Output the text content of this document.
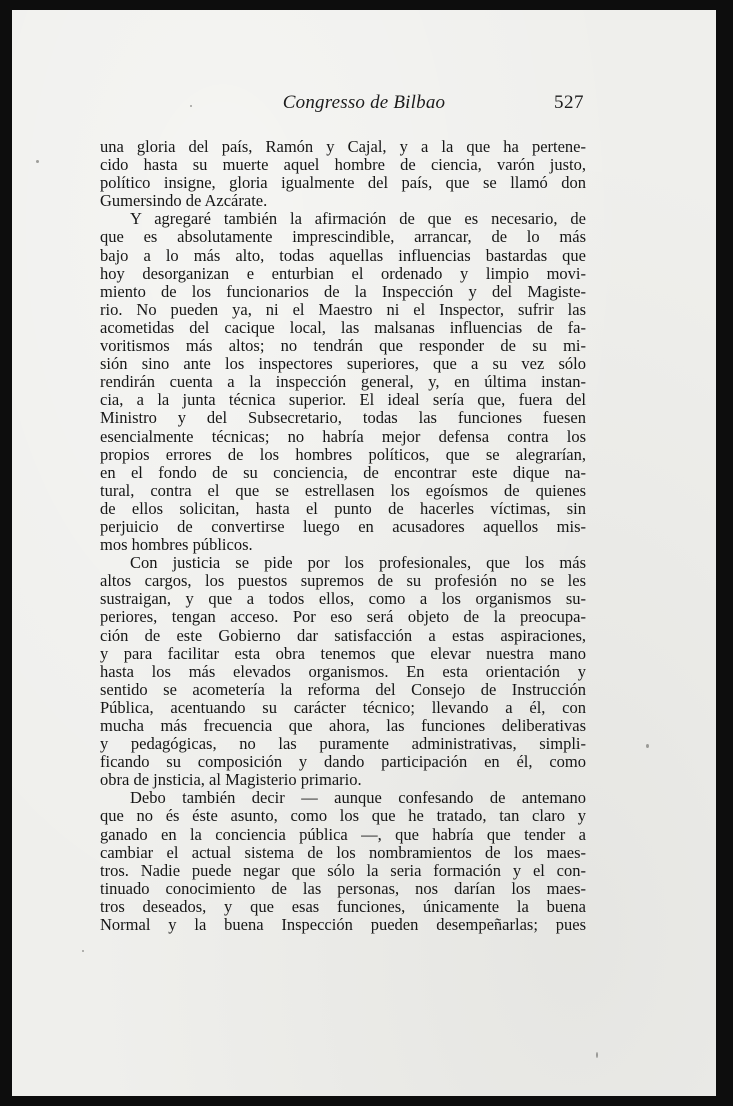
Congresso de Bilbao	527
una gloria del país, Ramón y Cajal, y a la que ha pertene-
cido hasta su muerte aquel hombre de ciencia, varón justo,
político insigne, gloria igualmente del país, que se llamó don
Gumersindo de Azcárate.
Y agregaré también la afirmación de que es necesario, de
que es absolutamente imprescindible, arrancar, de lo más
bajo a lo más alto, todas aquellas influencias bastardas que
hoy desorganizan e enturbian el ordenado y limpio movi-
miento de los funcionarios de la Inspección y del Magiste-
rio. No pueden ya, ni el Maestro ni el Inspector, sufrir las
acometidas del cacique local, las malsanas influencias de fa-
voritismos más altos; no tendrán que responder de su mi-
sión sino ante los inspectores superiores, que a su vez sólo
rendirán cuenta a la inspección general, y, en última instan-
cia, a la junta técnica superior. El ideal sería que, fuera del
Ministro y del Subsecretario, todas las funciones fuesen
esencialmente técnicas; no habría mejor defensa contra los
propios errores de los hombres políticos, que se alegrarían,
en el fondo de su conciencia, de encontrar este dique na-
tural, contra el que se estrellasen los egoísmos de quienes
de ellos solicitan, hasta el punto de hacerles víctimas, sin
perjuicio de convertirse luego en acusadores aquellos mis-
mos hombres públicos.
Con justicia se pide por los profesionales, que los más
altos cargos, los puestos supremos de su profesión no se les
sustraigan, y que a todos ellos, como a los organismos su-
periores, tengan acceso. Por eso será objeto de la preocupa-
ción de este Gobierno dar satisfacción a estas aspiraciones,
y para facilitar esta obra tenemos que elevar nuestra mano
hasta los más elevados organismos. En esta orientación y
sentido se acometería la reforma del Consejo de Instrucción
Pública, acentuando su carácter técnico; llevando a él, con
mucha más frecuencia que ahora, las funciones deliberativas
y pedagógicas, no las puramente administrativas, simpli-
ficando su composición y dando participación en él, como
obra de jnsticia, al Magisterio primario.
Debo también decir — aunque confesando de antemano
que no és éste asunto, como los que he tratado, tan claro y
ganado en la conciencia pública —, que habría que tender a
cambiar el actual sistema de los nombramientos de los maes-
tros. Nadie puede negar que sólo la seria formación y el con-
tinuado conocimiento de las personas, nos darían los maes-
tros deseados, y que esas funciones, únicamente la buena
Normal y la buena Inspección pueden desempeñarlas; pues
